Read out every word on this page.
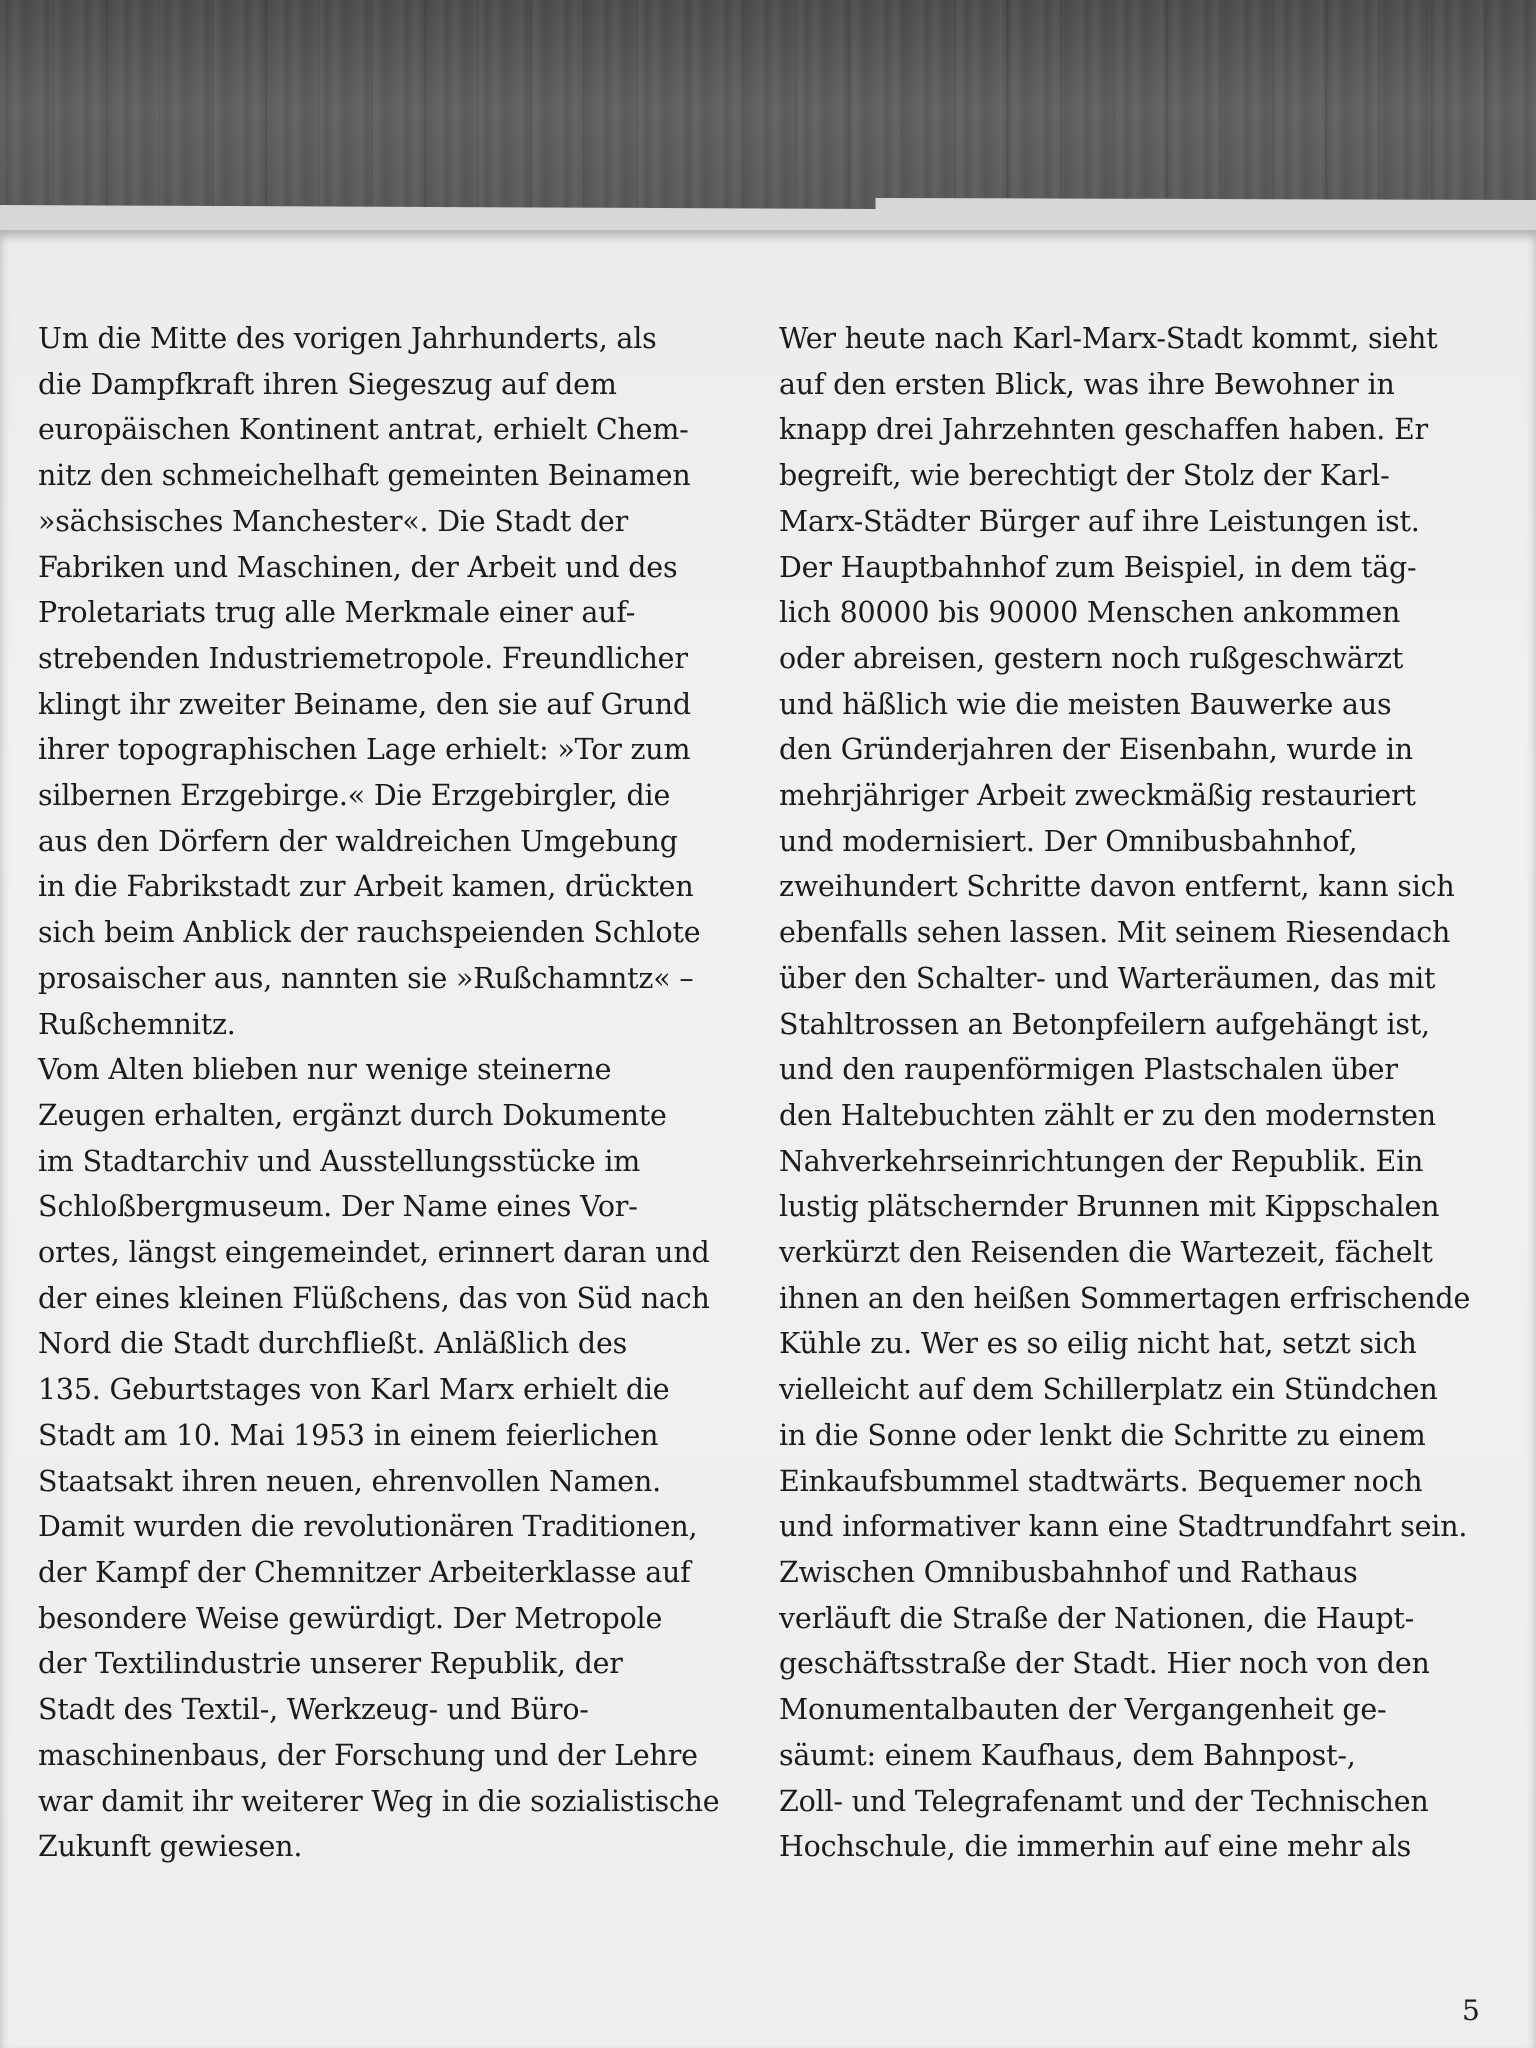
Um die Mitte des vorigen Jahrhunderts, als
die Dampfkraft ihren Siegeszug auf dem
europäischen Kontinent antrat, erhielt Chem-
nitz den schmeichelhaft gemeinten Beinamen
»sächsisches Manchester«. Die Stadt der
Fabriken und Maschinen, der Arbeit und des
Proletariats trug alle Merkmale einer auf-
strebenden Industriemetropole. Freundlicher
klingt ihr zweiter Beiname, den sie auf Grund
ihrer topographischen Lage erhielt: »Tor zum
silbernen Erzgebirge.« Die Erzgebirgler, die
aus den Dörfern der waldreichen Umgebung
in die Fabrikstadt zur Arbeit kamen, drückten
sich beim Anblick der rauchspeienden Schlote
prosaischer aus, nannten sie »Rußchamntz« –
Rußchemnitz.
Vom Alten blieben nur wenige steinerne
Zeugen erhalten, ergänzt durch Dokumente
im Stadtarchiv und Ausstellungsstücke im
Schloßbergmuseum. Der Name eines Vor-
ortes, längst eingemeindet, erinnert daran und
der eines kleinen Flüßchens, das von Süd nach
Nord die Stadt durchfließt. Anläßlich des
135. Geburtstages von Karl Marx erhielt die
Stadt am 10. Mai 1953 in einem feierlichen
Staatsakt ihren neuen, ehrenvollen Namen.
Damit wurden die revolutionären Traditionen,
der Kampf der Chemnitzer Arbeiterklasse auf
besondere Weise gewürdigt. Der Metropole
der Textilindustrie unserer Republik, der
Stadt des Textil-, Werkzeug- und Büro-
maschinenbaus, der Forschung und der Lehre
war damit ihr weiterer Weg in die sozialistische
Zukunft gewiesen.
Wer heute nach Karl-Marx-Stadt kommt, sieht
auf den ersten Blick, was ihre Bewohner in
knapp drei Jahrzehnten geschaffen haben. Er
begreift, wie berechtigt der Stolz der Karl-
Marx-Städter Bürger auf ihre Leistungen ist.
Der Hauptbahnhof zum Beispiel, in dem täg-
lich 80000 bis 90000 Menschen ankommen
oder abreisen, gestern noch rußgeschwärzt
und häßlich wie die meisten Bauwerke aus
den Gründerjahren der Eisenbahn, wurde in
mehrjähriger Arbeit zweckmäßig restauriert
und modernisiert. Der Omnibusbahnhof,
zweihundert Schritte davon entfernt, kann sich
ebenfalls sehen lassen. Mit seinem Riesendach
über den Schalter- und Warteräumen, das mit
Stahltrossen an Betonpfeilern aufgehängt ist,
und den raupenförmigen Plastschalen über
den Haltebuchten zählt er zu den modernsten
Nahverkehrseinrichtungen der Republik. Ein
lustig plätschernder Brunnen mit Kippschalen
verkürzt den Reisenden die Wartezeit, fächelt
ihnen an den heißen Sommertagen erfrischende
Kühle zu. Wer es so eilig nicht hat, setzt sich
vielleicht auf dem Schillerplatz ein Stündchen
in die Sonne oder lenkt die Schritte zu einem
Einkaufsbummel stadtwärts. Bequemer noch
und informativer kann eine Stadtrundfahrt sein.
Zwischen Omnibusbahnhof und Rathaus
verläuft die Straße der Nationen, die Haupt-
geschäftsstraße der Stadt. Hier noch von den
Monumentalbauten der Vergangenheit ge-
säumt: einem Kaufhaus, dem Bahnpost-,
Zoll- und Telegrafenamt und der Technischen
Hochschule, die immerhin auf eine mehr als
5
